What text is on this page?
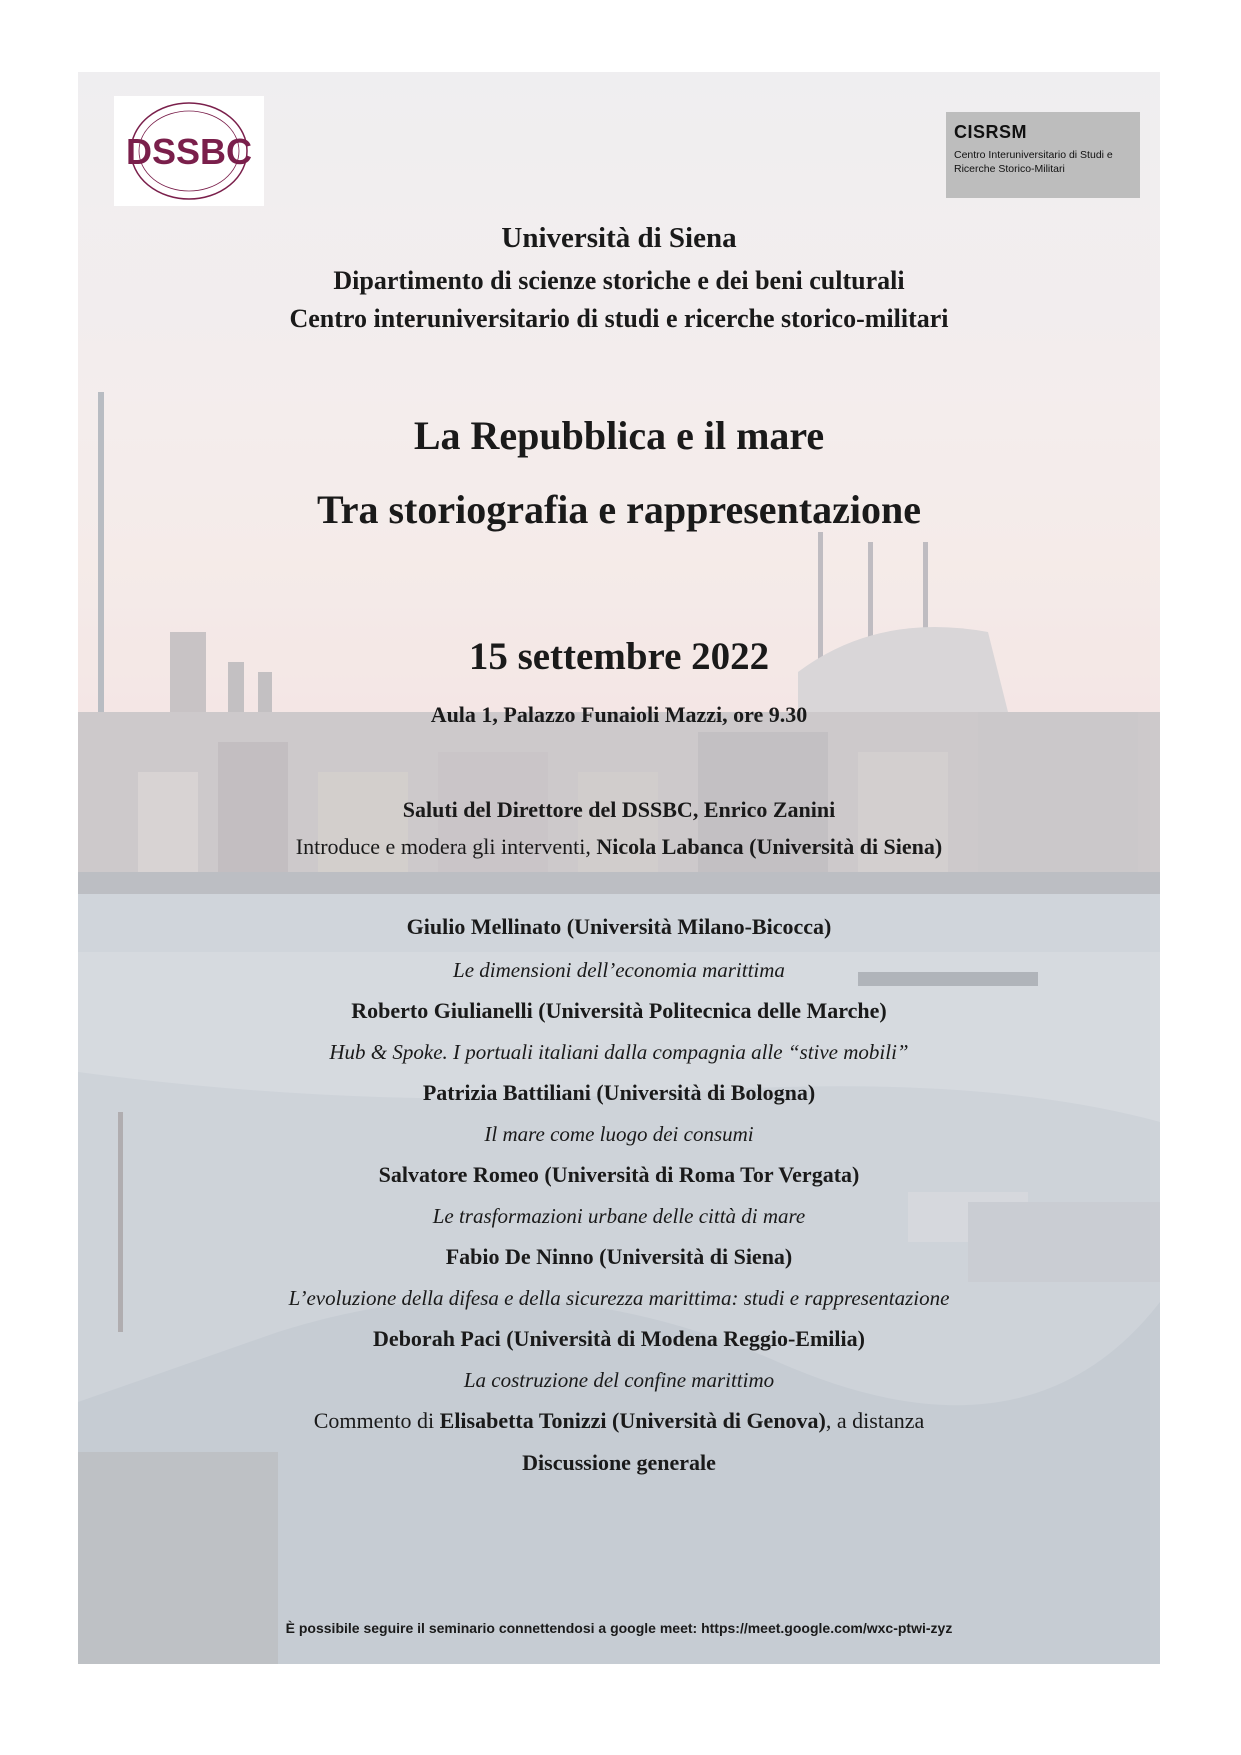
DSSBC	CISRSM
Centro Interuniversitario di Studi e Ricerche Storico-Militari
Università di Siena
Dipartimento di scienze storiche e dei beni culturali
Centro interuniversitario di studi e ricerche storico-militari
La Repubblica e il mare
Tra storiografia e rappresentazione
15 settembre 2022
Aula 1, Palazzo Funaioli Mazzi, ore 9.30
Saluti del Direttore del DSSBC, Enrico Zanini
Introduce e modera gli interventi, Nicola Labanca (Università di Siena)
Giulio Mellinato (Università Milano-Bicocca)
Le dimensioni dell’economia marittima
Roberto Giulianelli (Università Politecnica delle Marche)
Hub & Spoke. I portuali italiani dalla compagnia alle “stive mobili”
Patrizia Battiliani (Università di Bologna)
Il mare come luogo dei consumi
Salvatore Romeo (Università di Roma Tor Vergata)
Le trasformazioni urbane delle città di mare
Fabio De Ninno (Università di Siena)
L’evoluzione della difesa e della sicurezza marittima: studi e rappresentazione
Deborah Paci (Università di Modena Reggio-Emilia)
La costruzione del confine marittimo
Commento di Elisabetta Tonizzi (Università di Genova), a distanza
Discussione generale
È possibile seguire il seminario connettendosi a google meet: https://meet.google.com/wxc-ptwi-zyz
